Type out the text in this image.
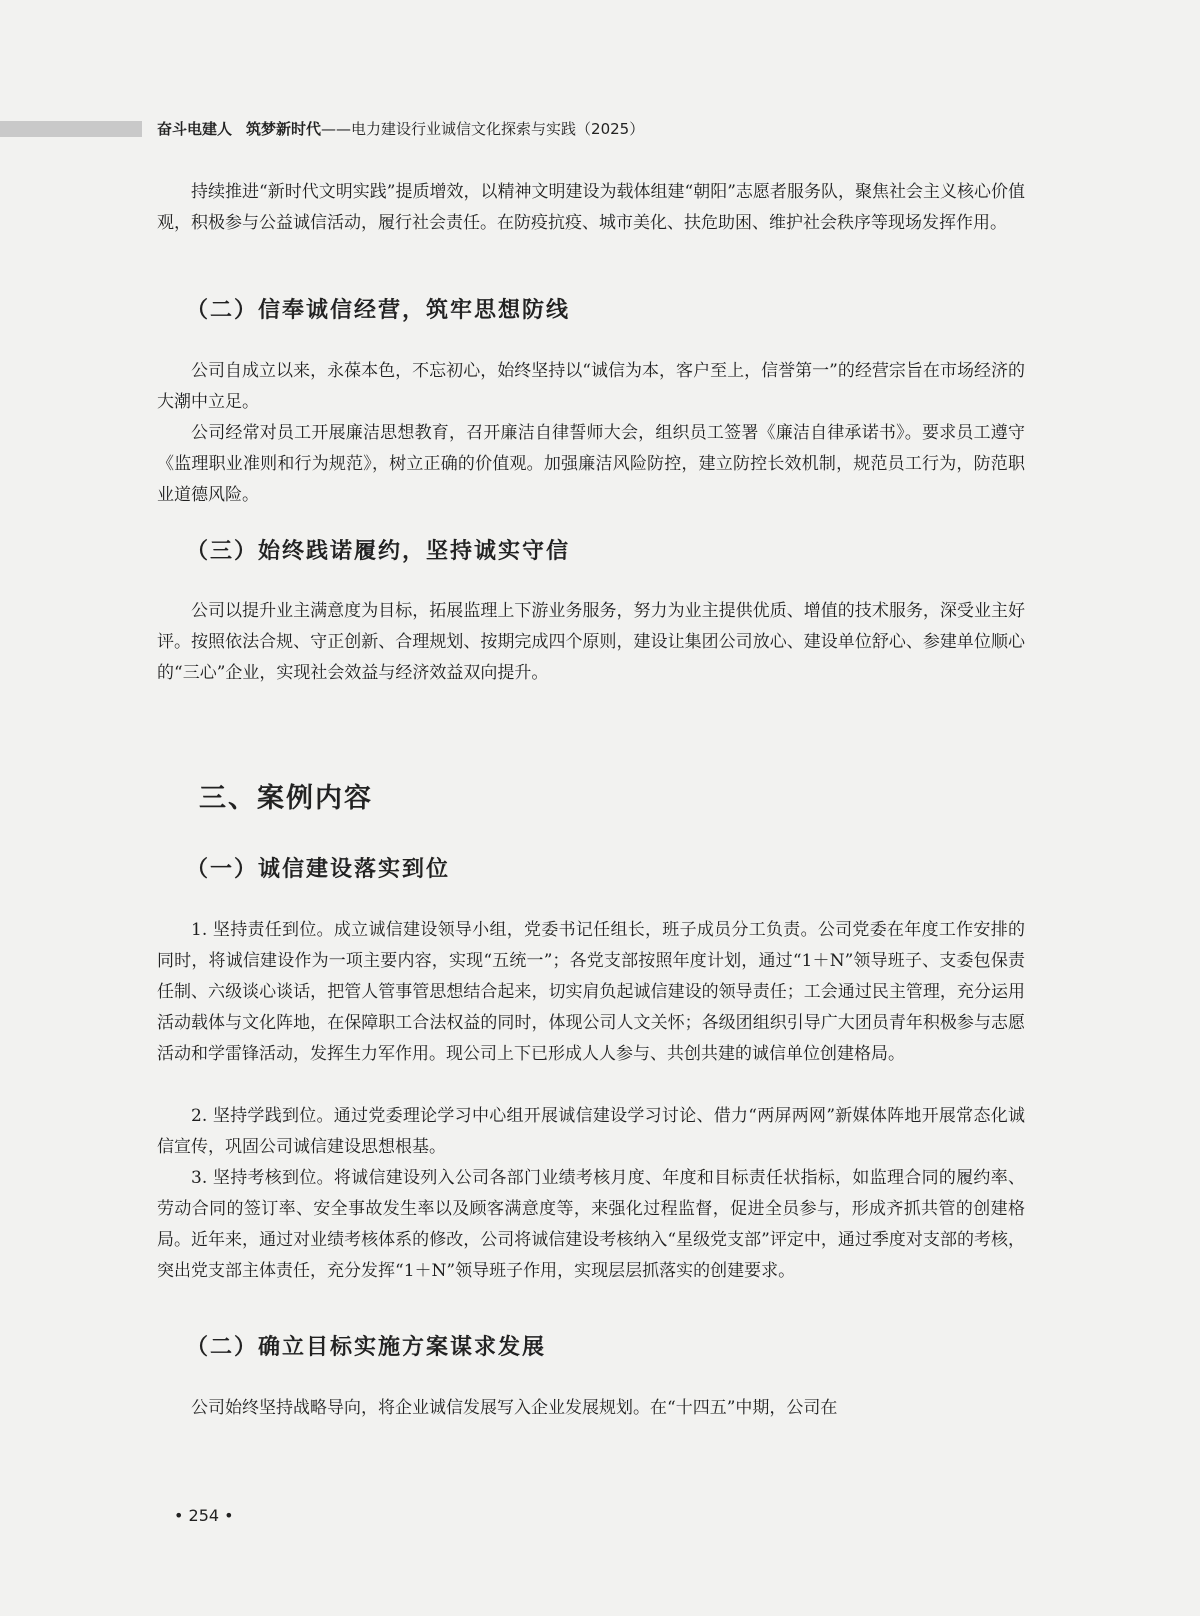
奋斗电建人 筑梦新时代——电力建设行业诚信文化探索与实践（2025）

持续推进“新时代文明实践”提质增效，以精神文明建设为载体组建“朝阳”志愿者服务队，聚焦社会主义核心价值观，积极参与公益诚信活动，履行社会责任。在防疫抗疫、城市美化、扶危助困、维护社会秩序等现场发挥作用。

（二）信奉诚信经营，筑牢思想防线

公司自成立以来，永葆本色，不忘初心，始终坚持以“诚信为本，客户至上，信誉第一”的经营宗旨在市场经济的大潮中立足。

公司经常对员工开展廉洁思想教育，召开廉洁自律誓师大会，组织员工签署《廉洁自律承诺书》。要求员工遵守《监理职业准则和行为规范》，树立正确的价值观。加强廉洁风险防控，建立防控长效机制，规范员工行为，防范职业道德风险。

（三）始终践诺履约，坚持诚实守信

公司以提升业主满意度为目标，拓展监理上下游业务服务，努力为业主提供优质、增值的技术服务，深受业主好评。按照依法合规、守正创新、合理规划、按期完成四个原则，建设让集团公司放心、建设单位舒心、参建单位顺心的“三心”企业，实现社会效益与经济效益双向提升。

三、案例内容
（一）诚信建设落实到位

1. 坚持责任到位。成立诚信建设领导小组，党委书记任组长，班子成员分工负责。公司党委在年度工作安排的同时，将诚信建设作为一项主要内容，实现“五统一”；各党支部按照年度计划，通过“1＋N”领导班子、支委包保责任制、六级谈心谈话，把管人管事管思想结合起来，切实肩负起诚信建设的领导责任；工会通过民主管理，充分运用活动载体与文化阵地，在保障职工合法权益的同时，体现公司人文关怀；各级团组织引导广大团员青年积极参与志愿活动和学雷锋活动，发挥生力军作用。现公司上下已形成人人参与、共创共建的诚信单位创建格局。

2. 坚持学践到位。通过党委理论学习中心组开展诚信建设学习讨论、借力“两屏两网”新媒体阵地开展常态化诚信宣传，巩固公司诚信建设思想根基。

3. 坚持考核到位。将诚信建设列入公司各部门业绩考核月度、年度和目标责任状指标，如监理合同的履约率、劳动合同的签订率、安全事故发生率以及顾客满意度等，来强化过程监督，促进全员参与，形成齐抓共管的创建格局。近年来，通过对业绩考核体系的修改，公司将诚信建设考核纳入“星级党支部”评定中，通过季度对支部的考核，突出党支部主体责任，充分发挥“1＋N”领导班子作用，实现层层抓落实的创建要求。

（二）确立目标实施方案谋求发展

公司始终坚持战略导向，将企业诚信发展写入企业发展规划。在“十四五”中期，公司在

• 254 •
